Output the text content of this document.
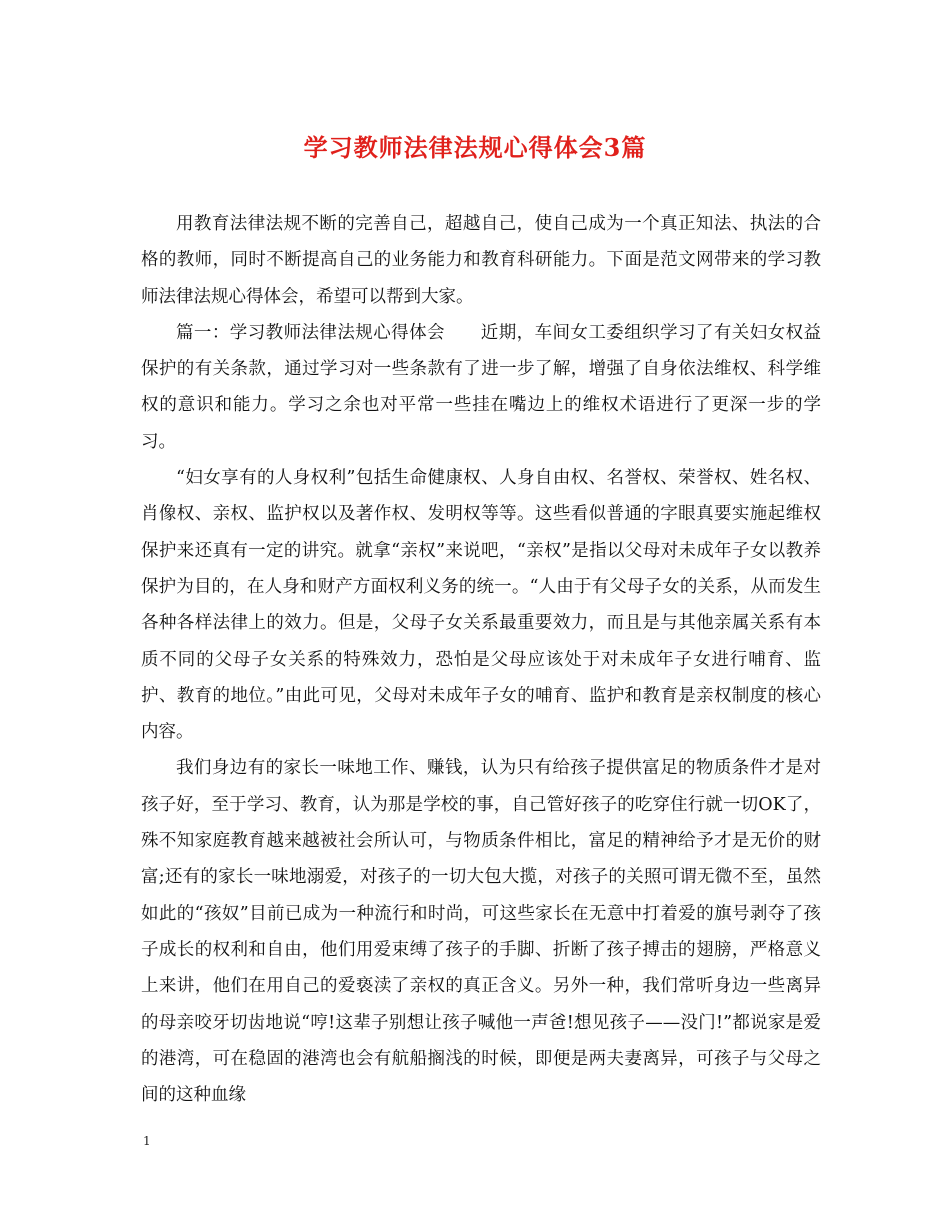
学习教师法律法规心得体会3篇

用教育法律法规不断的完善自己，超越自己，使自己成为一个真正知法、执法的合格的教师，同时不断提高自己的业务能力和教育科研能力。下面是范文网带来的学习教师法律法规心得体会，希望可以帮到大家。

篇一：学习教师法律法规心得体会　　近期，车间女工委组织学习了有关妇女权益保护的有关条款，通过学习对一些条款有了进一步了解，增强了自身依法维权、科学维权的意识和能力。学习之余也对平常一些挂在嘴边上的维权术语进行了更深一步的学习。

“妇女享有的人身权利”包括生命健康权、人身自由权、名誉权、荣誉权、姓名权、肖像权、亲权、监护权以及著作权、发明权等等。这些看似普通的字眼真要实施起维权保护来还真有一定的讲究。就拿“亲权”来说吧，“亲权”是指以父母对未成年子女以教养保护为目的，在人身和财产方面权利义务的统一。“人由于有父母子女的关系，从而发生各种各样法律上的效力。但是，父母子女关系最重要效力，而且是与其他亲属关系有本质不同的父母子女关系的特殊效力，恐怕是父母应该处于对未成年子女进行哺育、监护、教育的地位。”由此可见，父母对未成年子女的哺育、监护和教育是亲权制度的核心内容。

我们身边有的家长一味地工作、赚钱，认为只有给孩子提供富足的物质条件才是对孩子好，至于学习、教育，认为那是学校的事，自己管好孩子的吃穿住行就一切OK了，殊不知家庭教育越来越被社会所认可，与物质条件相比，富足的精神给予才是无价的财富;还有的家长一味地溺爱，对孩子的一切大包大揽，对孩子的关照可谓无微不至，虽然如此的“孩奴”目前已成为一种流行和时尚，可这些家长在无意中打着爱的旗号剥夺了孩子成长的权利和自由，他们用爱束缚了孩子的手脚、折断了孩子搏击的翅膀，严格意义上来讲，他们在用自己的爱亵渎了亲权的真正含义。另外一种，我们常听身边一些离异的母亲咬牙切齿地说“哼!这辈子别想让孩子喊他一声爸!想见孩子——没门!”都说家是爱的港湾，可在稳固的港湾也会有航船搁浅的时候，即便是两夫妻离异，可孩子与父母之间的这种血缘

1
